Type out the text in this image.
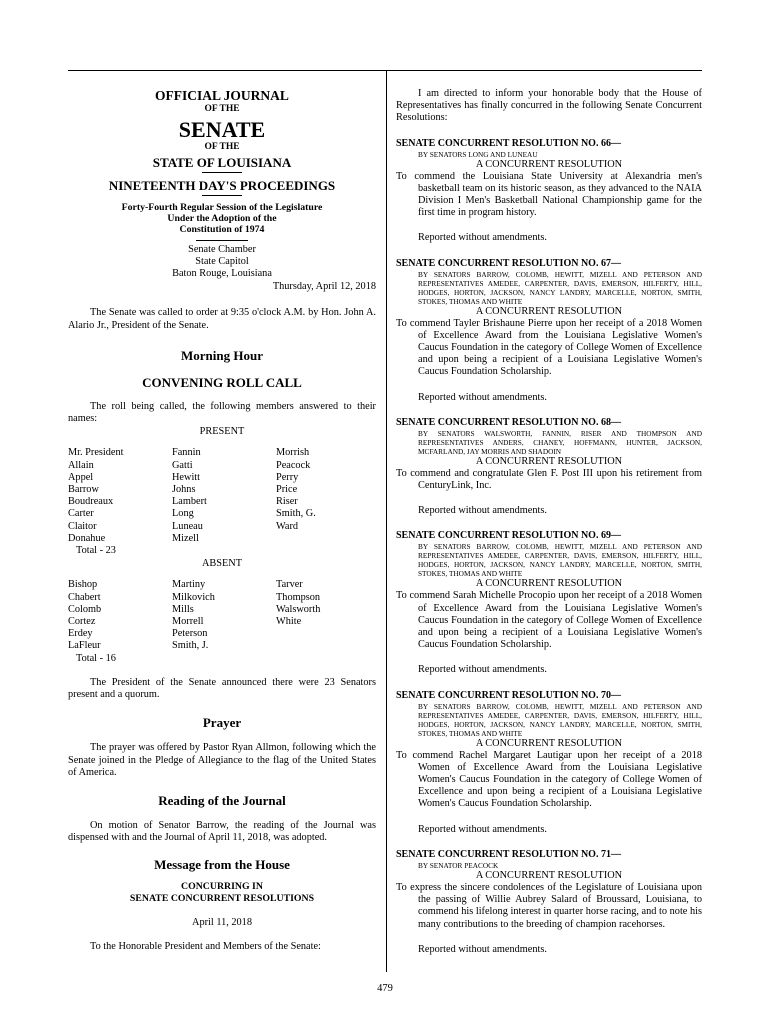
OFFICIAL JOURNAL

OF THE

SENATE

OF THE

STATE OF LOUISIANA

NINETEENTH DAY'S PROCEEDINGS

Forty-Fourth Regular Session of the Legislature

Under the Adoption of the

Constitution of 1974

Senate Chamber

State Capitol

Baton Rouge, Louisiana

Thursday, April 12, 2018

The Senate was called to order at 9:35 o'clock A.M. by Hon. John A. Alario Jr., President of the Senate.

Morning Hour

CONVENING ROLL CALL

The roll being called, the following members answered to their names:

PRESENT

Mr. President
Allain
Appel
Barrow
Boudreaux
Carter
Claitor
Donahue
Fannin
Gatti
Hewitt
Johns
Lambert
Long
Luneau
Mizell
Morrish
Peacock
Perry
Price
Riser
Smith, G.
Ward

Total - 23

ABSENT

Bishop
Chabert
Colomb
Cortez
Erdey
LaFleur
Martiny
Milkovich
Mills
Morrell
Peterson
Smith, J.
Tarver
Thompson
Walsworth
White

Total - 16

The President of the Senate announced there were 23 Senators present and a quorum.

Prayer

The prayer was offered by Pastor Ryan Allmon, following which the Senate joined in the Pledge of Allegiance to the flag of the United States of America.

Reading of the Journal

On motion of Senator Barrow, the reading of the Journal was dispensed with and the Journal of April 11, 2018, was adopted.

Message from the House

CONCURRING IN

SENATE CONCURRENT RESOLUTIONS

April 11, 2018

To the Honorable President and Members of the Senate:

I am directed to inform your honorable body that the House of Representatives has finally concurred in the following Senate Concurrent Resolutions:

SENATE CONCURRENT RESOLUTION NO. 66—

BY SENATORS LONG AND LUNEAU

A CONCURRENT RESOLUTION

To commend the Louisiana State University at Alexandria men's basketball team on its historic season, as they advanced to the NAIA Division I Men's Basketball National Championship game for the first time in program history.

Reported without amendments.

SENATE CONCURRENT RESOLUTION NO. 67—

BY SENATORS BARROW, COLOMB, HEWITT, MIZELL AND PETERSON AND REPRESENTATIVES AMEDEE, CARPENTER, DAVIS, EMERSON, HILFERTY, HILL, HODGES, HORTON, JACKSON, NANCY LANDRY, MARCELLE, NORTON, SMITH, STOKES, THOMAS AND WHITE

A CONCURRENT RESOLUTION

To commend Tayler Brishaune Pierre upon her receipt of a 2018 Women of Excellence Award from the Louisiana Legislative Women's Caucus Foundation in the category of College Women of Excellence and upon being a recipient of a Louisiana Legislative Women's Caucus Foundation Scholarship.

Reported without amendments.

SENATE CONCURRENT RESOLUTION NO. 68—

BY SENATORS WALSWORTH, FANNIN, RISER AND THOMPSON AND REPRESENTATIVES ANDERS, CHANEY, HOFFMANN, HUNTER, JACKSON, MCFARLAND, JAY MORRIS AND SHADOIN

A CONCURRENT RESOLUTION

To commend and congratulate Glen F. Post III upon his retirement from CenturyLink, Inc.

Reported without amendments.

SENATE CONCURRENT RESOLUTION NO. 69—

BY SENATORS BARROW, COLOMB, HEWITT, MIZELL AND PETERSON AND REPRESENTATIVES AMEDEE, CARPENTER, DAVIS, EMERSON, HILFERTY, HILL, HODGES, HORTON, JACKSON, NANCY LANDRY, MARCELLE, NORTON, SMITH, STOKES, THOMAS AND WHITE

A CONCURRENT RESOLUTION

To commend Sarah Michelle Procopio upon her receipt of a 2018 Women of Excellence Award from the Louisiana Legislative Women's Caucus Foundation in the category of College Women of Excellence and upon being a recipient of a Louisiana Legislative Women's Caucus Foundation Scholarship.

Reported without amendments.

SENATE CONCURRENT RESOLUTION NO. 70—

BY SENATORS BARROW, COLOMB, HEWITT, MIZELL AND PETERSON AND REPRESENTATIVES AMEDEE, CARPENTER, DAVIS, EMERSON, HILFERTY, HILL, HODGES, HORTON, JACKSON, NANCY LANDRY, MARCELLE, NORTON, SMITH, STOKES, THOMAS AND WHITE

A CONCURRENT RESOLUTION

To commend Rachel Margaret Lautigar upon her receipt of a 2018 Women of Excellence Award from the Louisiana Legislative Women's Caucus Foundation in the category of College Women of Excellence and upon being a recipient of a Louisiana Legislative Women's Caucus Foundation Scholarship.

Reported without amendments.

SENATE CONCURRENT RESOLUTION NO. 71—

BY SENATOR PEACOCK

A CONCURRENT RESOLUTION

To express the sincere condolences of the Legislature of Louisiana upon the passing of Willie Aubrey Salard of Broussard, Louisiana, to commend his lifelong interest in quarter horse racing, and to note his many contributions to the breeding of champion racehorses.

Reported without amendments.

479
